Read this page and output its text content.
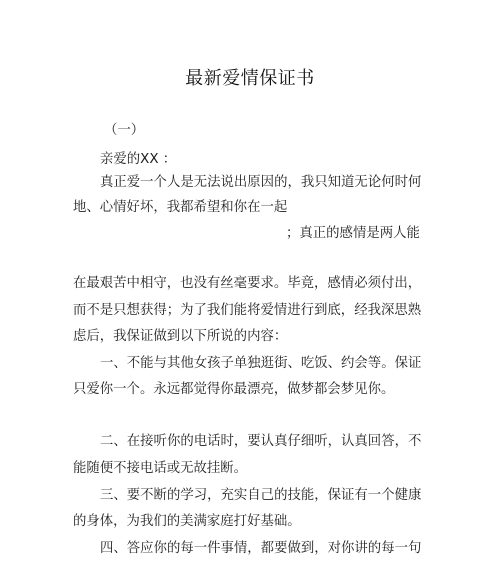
最新爱情保证书
（一）
亲爱的XX ：
真正爱一个人是无法说出原因的，我只知道无论何时何
地、心情好坏，我都希望和你在一起
；真正的感情是两人能
在最艰苦中相守，也没有丝毫要求。毕竟，感情必须付出，
而不是只想获得；为了我们能将爱情进行到底，经我深思熟
虑后，我保证做到以下所说的内容：
一、不能与其他女孩子单独逛街、吃饭、约会等。保证
只爱你一个。永远都觉得你最漂亮，做梦都会梦见你。
二、在接听你的电话时，要认真仔细听，认真回答，不
能随便不接电话或无故挂断。
三、要不断的学习，充实自己的技能，保证有一个健康
的身体，为我们的美满家庭打好基础。
四、答应你的每一件事情，都要做到，对你讲的每一句
